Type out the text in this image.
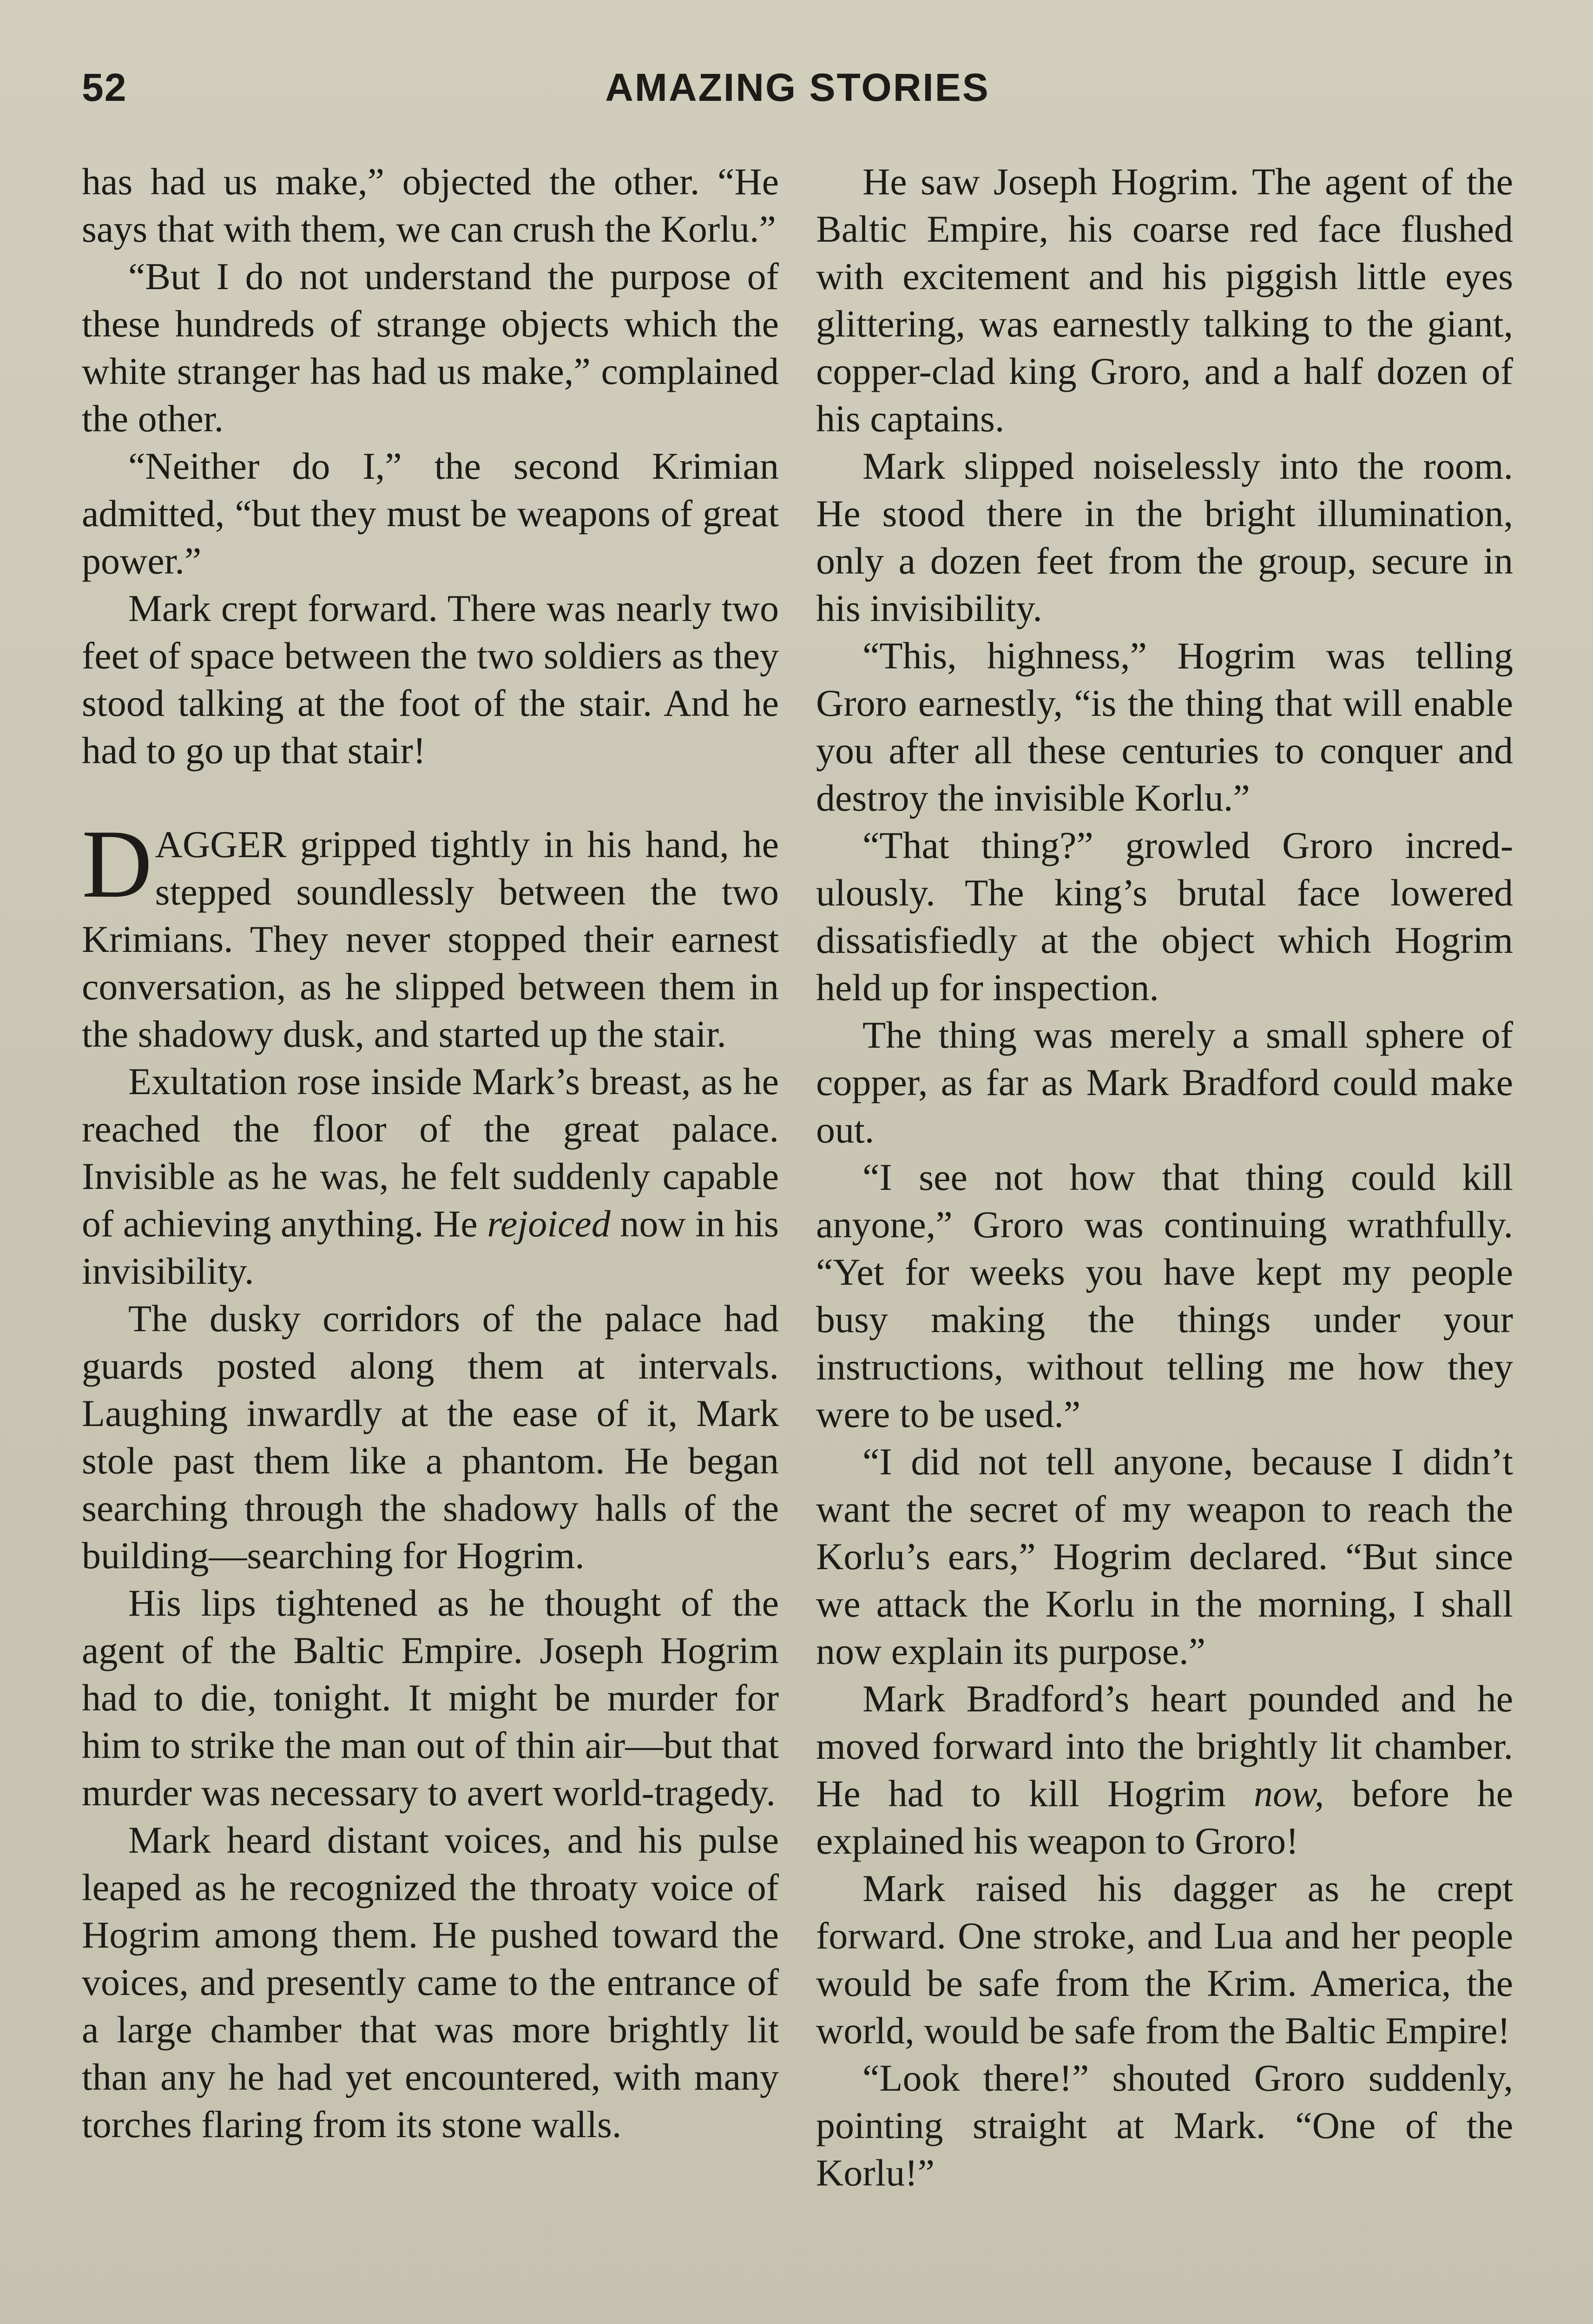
52	AMAZING STORIES

has had us make,” objected the other. “He says that with them, we can crush the Korlu.”

“But I do not understand the purpose of these hundreds of strange objects which the white stranger has had us make,” complained the other.

“Neither do I,” the second Krimian admitted, “but they must be weapons of great power.”

Mark crept forward. There was nearly two feet of space between the two soldiers as they stood talking at the foot of the stair. And he had to go up that stair!

DAGGER gripped tightly in his hand, he stepped soundlessly between the two Krimians. They never stopped their earnest conversation, as he slipped between them in the shadowy dusk, and started up the stair.

Exultation rose inside Mark’s breast, as he reached the floor of the great palace. Invisible as he was, he felt suddenly capable of achieving anything. He rejoiced now in his invisibility.

The dusky corridors of the palace had guards posted along them at intervals. Laughing inwardly at the ease of it, Mark stole past them like a phantom. He began searching through the shadowy halls of the building—searching for Hogrim.

His lips tightened as he thought of the agent of the Baltic Empire. Joseph Hogrim had to die, tonight. It might be murder for him to strike the man out of thin air—but that murder was necessary to avert world-tragedy.

Mark heard distant voices, and his pulse leaped as he recognized the throaty voice of Hogrim among them. He pushed toward the voices, and presently came to the entrance of a large chamber that was more brightly lit than any he had yet encountered, with many torches flaring from its stone walls.

He saw Joseph Hogrim. The agent of the Baltic Empire, his coarse red face flushed with excitement and his piggish little eyes glittering, was earnestly talking to the giant, copper-clad king Groro, and a half dozen of his captains.

Mark slipped noiselessly into the room. He stood there in the bright illumination, only a dozen feet from the group, secure in his invisibility.

“This, highness,” Hogrim was telling Groro earnestly, “is the thing that will enable you after all these centuries to conquer and destroy the invisible Korlu.”

“That thing?” growled Groro incredulously. The king’s brutal face lowered dissatisfiedly at the object which Hogrim held up for inspection.

The thing was merely a small sphere of copper, as far as Mark Bradford could make out.

“I see not how that thing could kill anyone,” Groro was continuing wrathfully. “Yet for weeks you have kept my people busy making the things under your instructions, without telling me how they were to be used.”

“I did not tell anyone, because I didn’t want the secret of my weapon to reach the Korlu’s ears,” Hogrim declared. “But since we attack the Korlu in the morning, I shall now explain its purpose.”

Mark Bradford’s heart pounded and he moved forward into the brightly lit chamber. He had to kill Hogrim now, before he explained his weapon to Groro!

Mark raised his dagger as he crept forward. One stroke, and Lua and her people would be safe from the Krim. America, the world, would be safe from the Baltic Empire!

“Look there!” shouted Groro suddenly, pointing straight at Mark. “One of the Korlu!”
